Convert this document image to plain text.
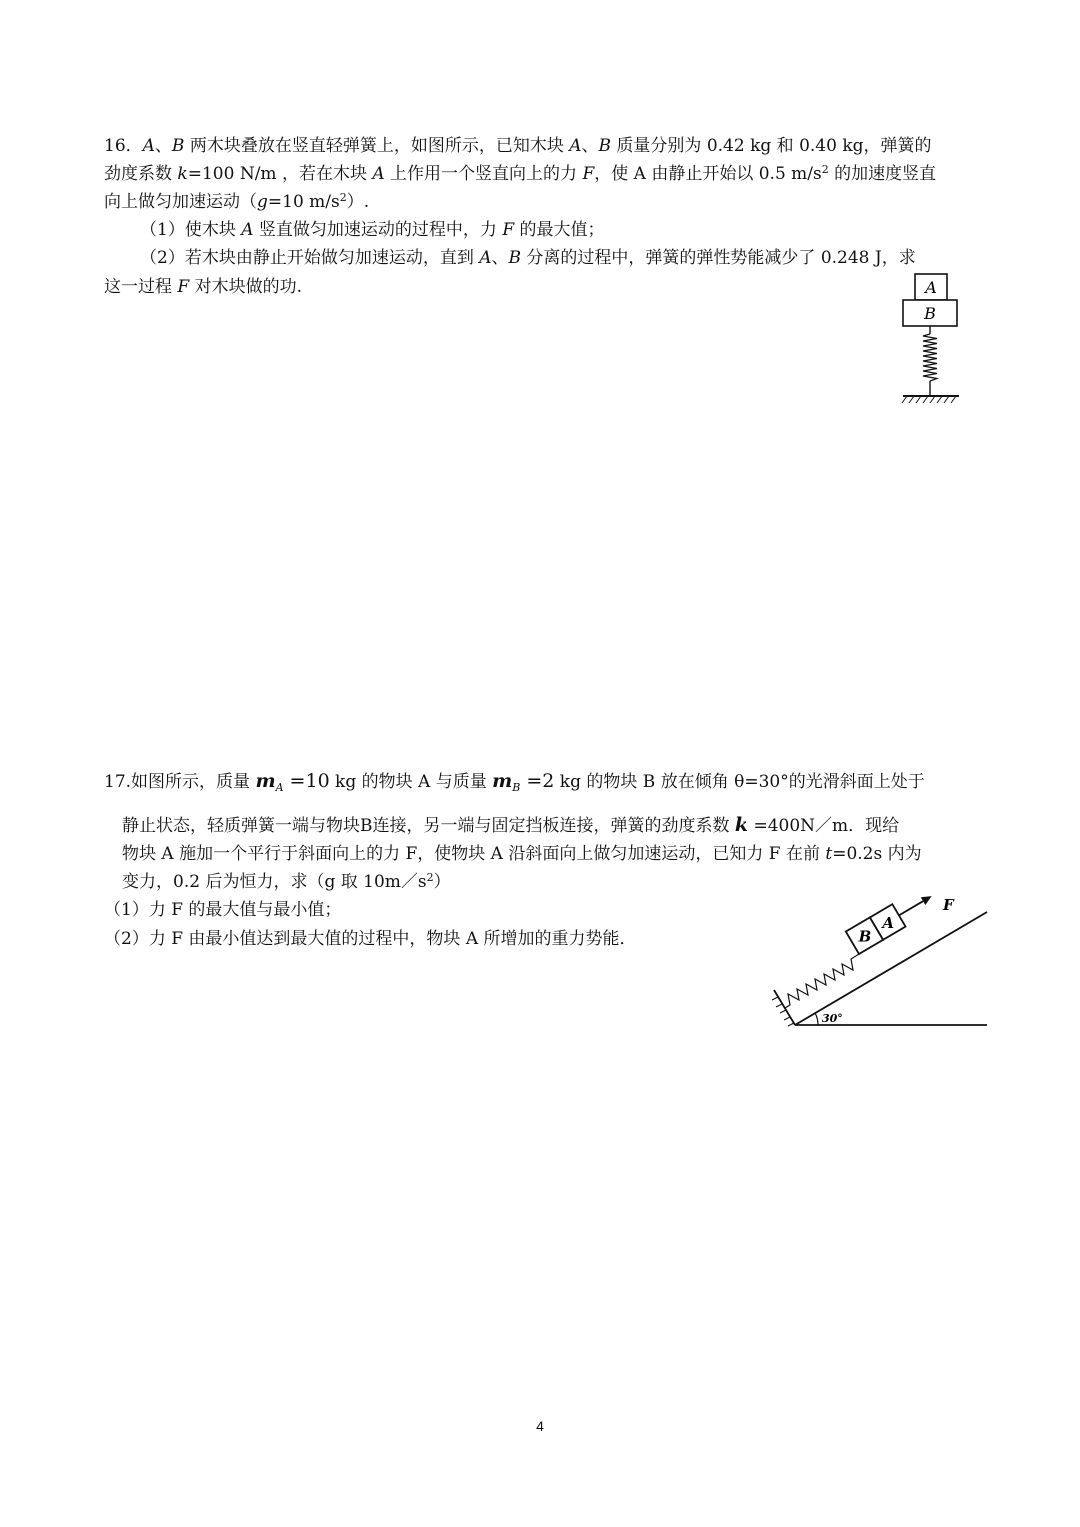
16．A、B 两木块叠放在竖直轻弹簧上，如图所示，已知木块 A、B 质量分别为 0.42 kg 和 0.40 kg，弹簧的
劲度系数 k=100 N/m ，若在木块 A 上作用一个竖直向上的力 F，使 A 由静止开始以 0.5 $m/s^2$ 的加速度竖直
向上做匀加速运动（g=10 $m/s^2$）.
（1）使木块 A 竖直做匀加速运动的过程中，力 F 的最大值；
（2）若木块由静止开始做匀加速运动，直到 A、B 分离的过程中，弹簧的弹性势能减少了 0.248 J，求
这一过程 F 对木块做的功.	A
B
17.如图所示，质量 $m_A =10$ kg 的物块 A 与质量 $m_B =2$ kg 的物块 B 放在倾角 θ=30°的光滑斜面上处于
静止状态，轻质弹簧一端与物块B连接，另一端与固定挡板连接，弹簧的劲度系数 k =400N／m．现给
物块 A 施加一个平行于斜面向上的力 F，使物块 A 沿斜面向上做匀加速运动，已知力 F 在前 t=0.2s 内为
变力，0.2 后为恒力，求（g 取 $10m/s^2$）
（1）力 F 的最大值与最小值；
（2）力 F 由最小值达到最大值的过程中，物块 A 所增加的重力势能．
30°
B
A
F
4
